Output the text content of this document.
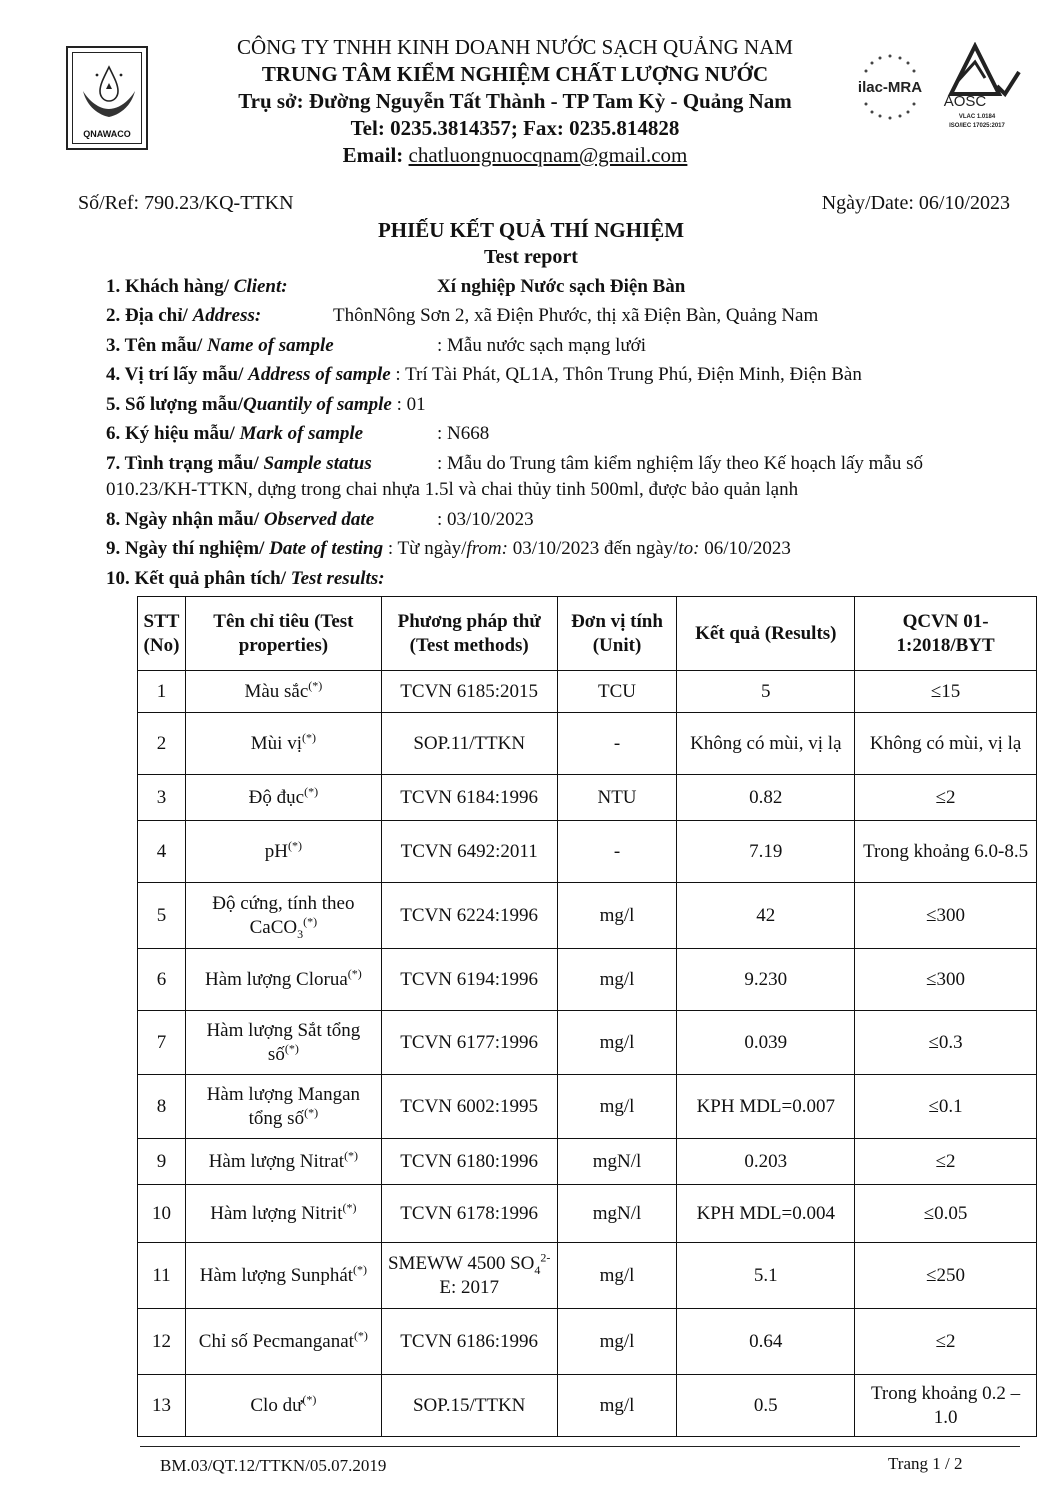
QNAWACO
CÔNG TY TNHH KINH DOANH NƯỚC SẠCH QUẢNG NAM
TRUNG TÂM KIỂM NGHIỆM CHẤT LƯỢNG NƯỚC
Trụ sở: Đường Nguyễn Tất Thành - TP Tam Kỳ - Quảng Nam
Tel: 0235.3814357; Fax: 0235.814828
Email: chatluongnuocqnam@gmail.com
ilac-MRA
AOSC
VLAC 1.0184
ISO/IEC 17025:2017
Số/Ref: 790.23/KQ-TTKN	Ngày/Date: 06/10/2023
PHIẾU KẾT QUẢ THÍ NGHIỆM
Test report
1. Khách hàng/ Client:	Xí nghiệp Nước sạch Điện Bàn
2. Địa chỉ/ Address:	ThônNông Sơn 2, xã Điện Phước, thị xã Điện Bàn, Quảng Nam
3. Tên mẫu/ Name of sample	: Mẫu nước sạch mạng lưới
4. Vị trí lấy mẫu/ Address of sample : Trí Tài Phát, QL1A, Thôn Trung Phú, Điện Minh, Điện Bàn
5. Số lượng mẫu/Quantily of sample : 01
6. Ký hiệu mẫu/ Mark of sample	: N668
7. Tình trạng mẫu/ Sample status	: Mẫu do Trung tâm kiểm nghiệm lấy theo Kế hoạch lấy mẫu số
010.23/KH-TTKN, dựng trong chai nhựa 1.5l và chai thủy tinh 500ml, được bảo quản lạnh
8. Ngày nhận mẫu/ Observed date	: 03/10/2023
9. Ngày thí nghiệm/ Date of testing : Từ ngày/from: 03/10/2023 đến ngày/to: 06/10/2023
10. Kết quả phân tích/ Test results:
STT (No)	Tên chỉ tiêu (Test properties)	Phương pháp thử (Test methods)	Đơn vị tính (Unit)	Kết quả (Results)	QCVN 01-1:2018/BYT
1	Màu sắc(*)	TCVN 6185:2015	TCU	5	≤15
2	Mùi vị(*)	SOP.11/TTKN	-	Không có mùi, vị lạ	Không có mùi, vị lạ
3	Độ đục(*)	TCVN 6184:1996	NTU	0.82	≤2
4	pH(*)	TCVN 6492:2011	-	7.19	Trong khoảng 6.0-8.5
5	Độ cứng, tính theo CaCO$_3$(*)	TCVN 6224:1996	mg/l	42	≤300
6	Hàm lượng Clorua(*)	TCVN 6194:1996	mg/l	9.230	≤300
7	Hàm lượng Sắt tổng số(*)	TCVN 6177:1996	mg/l	0.039	≤0.3
8	Hàm lượng Mangan tổng số(*)	TCVN 6002:1995	mg/l	KPH MDL=0.007	≤0.1
9	Hàm lượng Nitrat(*)	TCVN 6180:1996	mgN/l	0.203	≤2
10	Hàm lượng Nitrit(*)	TCVN 6178:1996	mgN/l	KPH MDL=0.004	≤0.05
11	Hàm lượng Sunphát(*)	SMEWW 4500 $SO_4^{2-}$ E: 2017	mg/l	5.1	≤250
12	Chỉ số Pecmanganat(*)	TCVN 6186:1996	mg/l	0.64	≤2
13	Clo dư(*)	SOP.15/TTKN	mg/l	0.5	Trong khoảng 0.2 – 1.0
BM.03/QT.12/TTKN/05.07.2019	Trang 1 / 2
